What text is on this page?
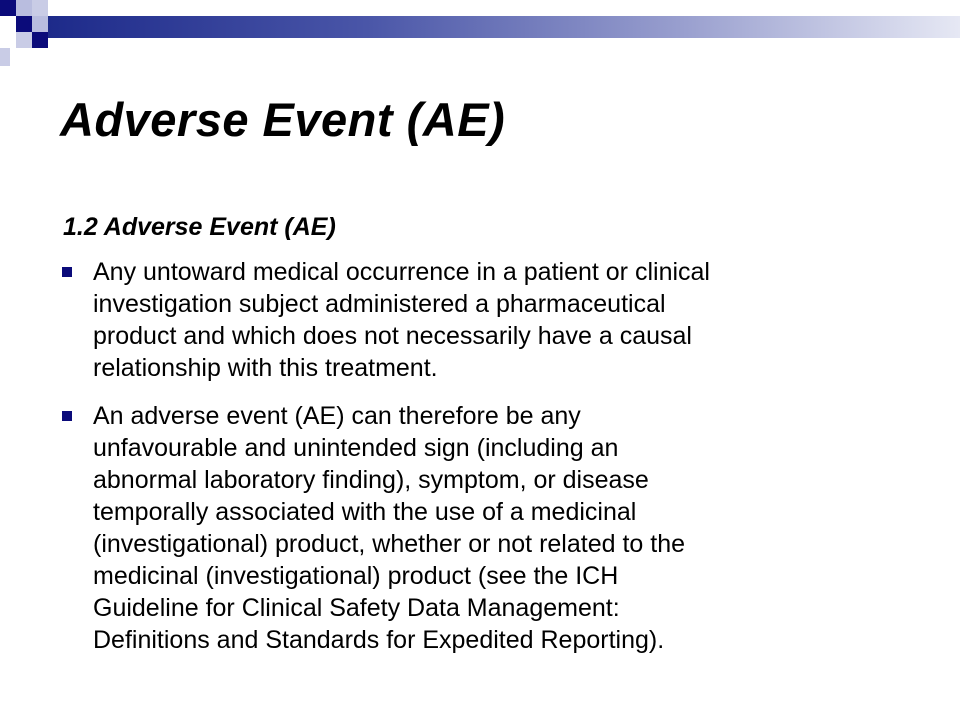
Adverse Event (AE)
1.2 Adverse Event (AE)
Any untoward medical occurrence in a patient or clinical
investigation subject administered a pharmaceutical
product and which does not necessarily have a causal
relationship with this treatment.
An adverse event (AE) can therefore be any
unfavourable and unintended sign (including an
abnormal laboratory finding), symptom, or disease
temporally associated with the use of a medicinal
(investigational) product, whether or not related to the
medicinal (investigational) product (see the ICH
Guideline for Clinical Safety Data Management:
Definitions and Standards for Expedited Reporting).
